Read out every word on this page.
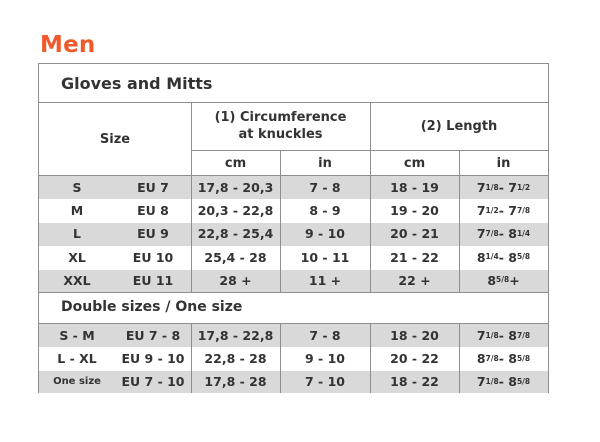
Men
Gloves and Mitts
Size
(1) Circumference
at knuckles
(2) Length
cm	in	cm	in
S	EU 7	17,8 - 20,3	7 - 8	18 - 19	7 1/8 - 7 1/2
M	EU 8	20,3 - 22,8	8 - 9	19 - 20	7 1/2 - 7 7/8
L	EU 9	22,8 - 25,4	9 - 10	20 - 21	7 7/8 - 8 1/4
XL	EU 10	25,4 - 28	10 - 11	21 - 22	8 1/4 - 8 5/8
XXL	EU 11	28 +	11 +	22 +	8 5/8 +
Double sizes / One size
S - M	EU 7 - 8	17,8 - 22,8	7 - 8	18 - 20	7 1/8 - 8 7/8
L - XL	EU 9 - 10	22,8 - 28	9 - 10	20 - 22	8 7/8 - 8 5/8
One size	EU 7 - 10	17,8 - 28	7 - 10	18 - 22	7 1/8 - 8 5/8
